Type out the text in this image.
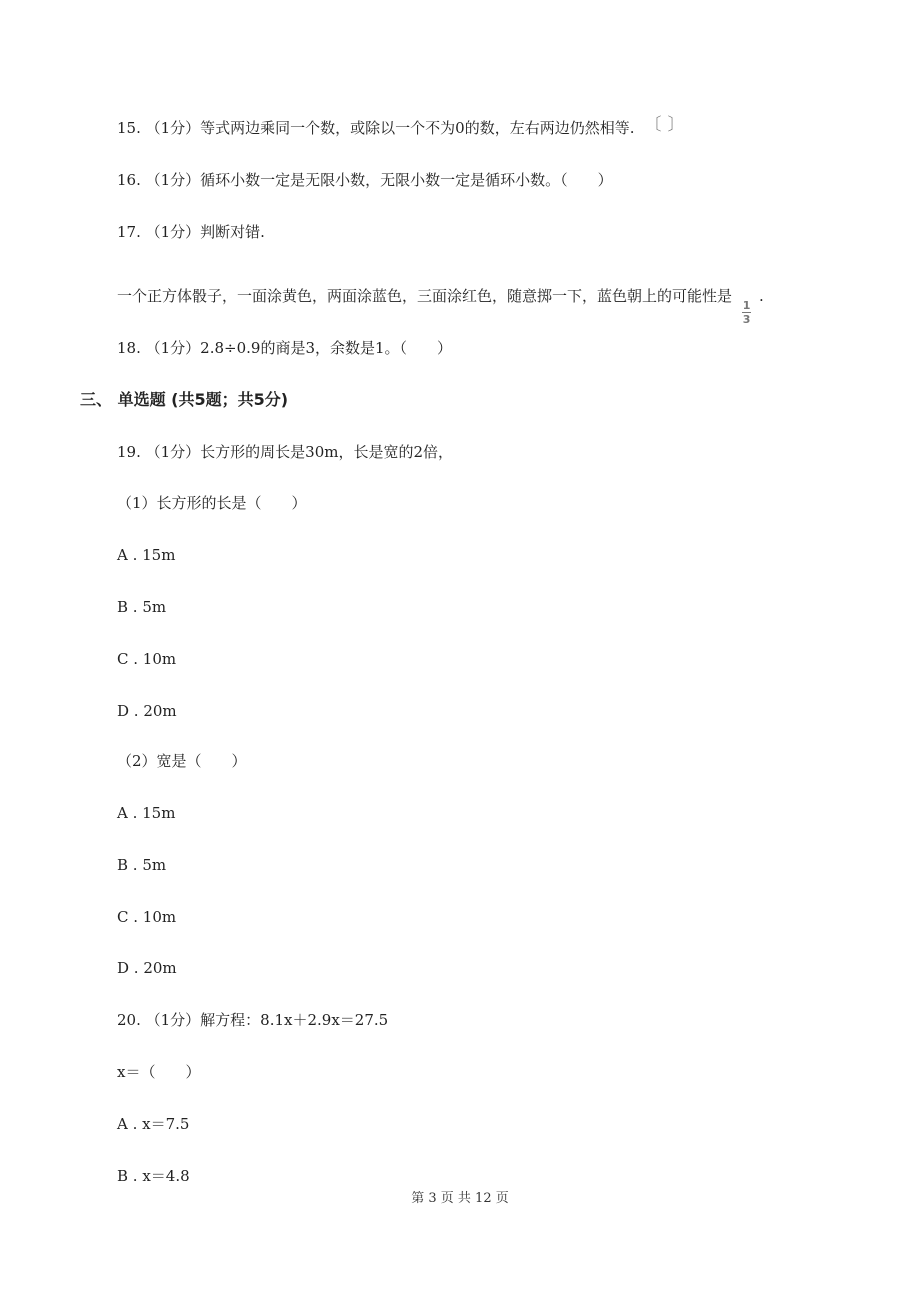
15. （1分）等式两边乘同一个数，或除以一个不为0的数，左右两边仍然相等. 〔 〕
16. （1分）循环小数一定是无限小数，无限小数一定是循环小数。（　　）
17. （1分）判断对错.
一个正方体骰子，一面涂黄色，两面涂蓝色，三面涂红色，随意掷一下，蓝色朝上的可能性是
$\frac{1}{3}$
.
18. （1分）2.8÷0.9的商是3，余数是1。（　　）
三、 单选题 (共5题；共5分)
19. （1分）长方形的周长是30m，长是宽的2倍，
（1）长方形的长是（　　）
A . 15m
B . 5m
C . 10m
D . 20m
（2）宽是（　　）
A . 15m
B . 5m
C . 10m
D . 20m
20. （1分）解方程：8.1x＋2.9x＝27.5
x＝（　　）
A . x＝7.5
B . x＝4.8
第 3 页 共 12 页
